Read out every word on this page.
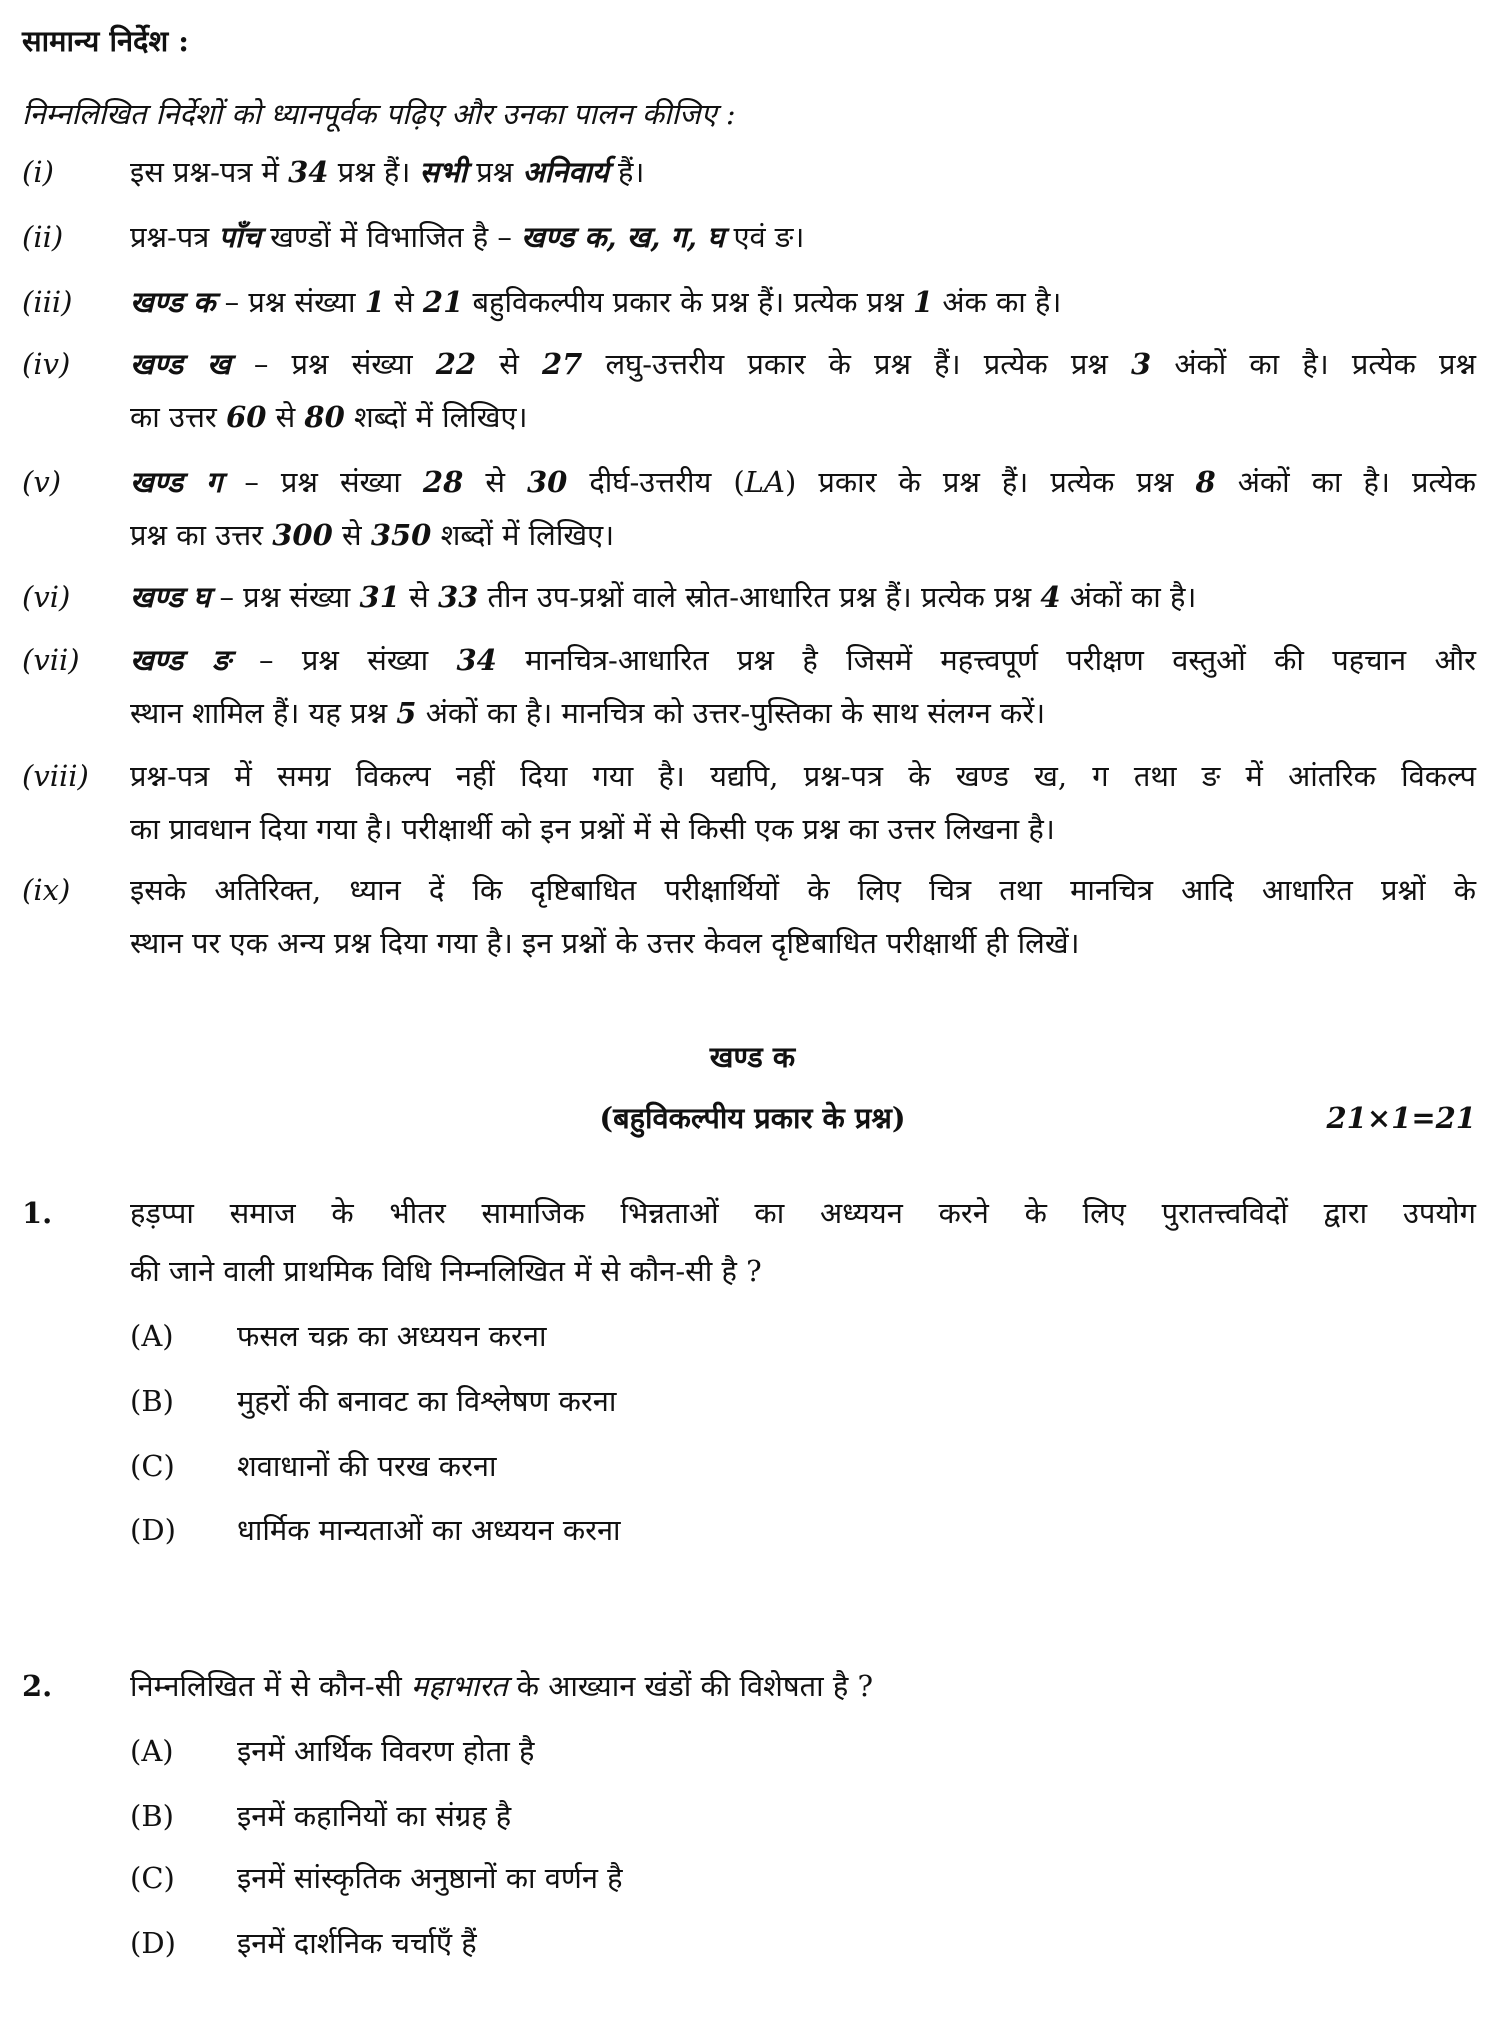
सामान्य निर्देश :
निम्नलिखित निर्देशों को ध्यानपूर्वक पढ़िए और उनका पालन कीजिए :
(i)	इस प्रश्न-पत्र में 34 प्रश्न हैं। सभी प्रश्न अनिवार्य हैं।
(ii) प्रश्न-पत्र पाँच खण्डों में विभाजित है – खण्ड क, ख, ग, घ एवं ङ।
(iii) खण्ड क – प्रश्न संख्या 1 से 21 बहुविकल्पीय प्रकार के प्रश्न हैं। प्रत्येक प्रश्न 1 अंक का है।
(iv) खण्ड ख – प्रश्न संख्या 22 से 27 लघु-उत्तरीय प्रकार के प्रश्न हैं। प्रत्येक प्रश्न 3 अंकों का है। प्रत्येक प्रश्न
का उत्तर 60 से 80 शब्दों में लिखिए।
(v) खण्ड ग – प्रश्न संख्या 28 से 30 दीर्घ-उत्तरीय (LA) प्रकार के प्रश्न हैं। प्रत्येक प्रश्न 8 अंकों का है। प्रत्येक
प्रश्न का उत्तर 300 से 350 शब्दों में लिखिए।
(vi) खण्ड घ – प्रश्न संख्या 31 से 33 तीन उप-प्रश्नों वाले स्रोत-आधारित प्रश्न हैं। प्रत्येक प्रश्न 4 अंकों का है।
(vii) खण्ड ङ – प्रश्न संख्या 34 मानचित्र-आधारित प्रश्न है जिसमें महत्त्वपूर्ण परीक्षण वस्तुओं की पहचान और
स्थान शामिल हैं। यह प्रश्न 5 अंकों का है। मानचित्र को उत्तर-पुस्तिका के साथ संलग्न करें।
(viii) प्रश्न-पत्र में समग्र विकल्प नहीं दिया गया है। यद्यपि, प्रश्न-पत्र के खण्ड ख, ग तथा ङ में आंतरिक विकल्प
का प्रावधान दिया गया है। परीक्षार्थी को इन प्रश्नों में से किसी एक प्रश्न का उत्तर लिखना है।
(ix) इसके अतिरिक्त, ध्यान दें कि दृष्टिबाधित परीक्षार्थियों के लिए चित्र तथा मानचित्र आदि आधारित प्रश्नों के
स्थान पर एक अन्य प्रश्न दिया गया है। इन प्रश्नों के उत्तर केवल दृष्टिबाधित परीक्षार्थी ही लिखें।
खण्ड क
(बहुविकल्पीय प्रकार के प्रश्न)	21×1=21
1.	हड़प्पा समाज के भीतर सामाजिक भिन्नताओं का अध्ययन करने के लिए पुरातत्त्वविदों द्वारा उपयोग
की जाने वाली प्राथमिक विधि निम्नलिखित में से कौन-सी है ?
(A) फसल चक्र का अध्ययन करना
(B) मुहरों की बनावट का विश्लेषण करना
(C) शवाधानों की परख करना
(D) धार्मिक मान्यताओं का अध्ययन करना
2.	निम्नलिखित में से कौन-सी महाभारत के आख्यान खंडों की विशेषता है ?
(A) इनमें आर्थिक विवरण होता है
(B) इनमें कहानियों का संग्रह है
(C) इनमें सांस्कृतिक अनुष्ठानों का वर्णन है
(D) इनमें दार्शनिक चर्चाएँ हैं
